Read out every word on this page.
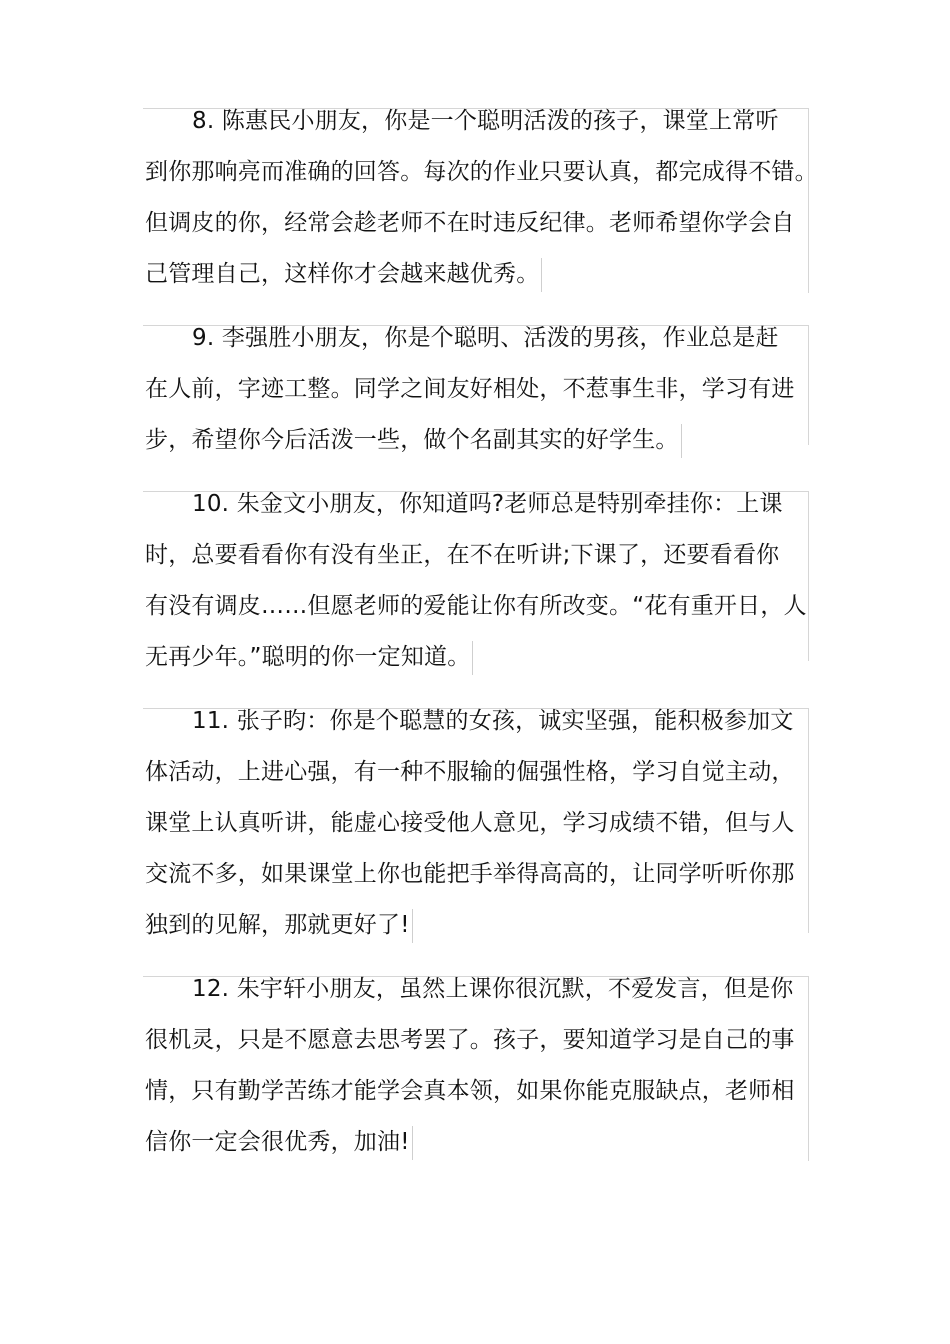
8. 陈惠民小朋友，你是一个聪明活泼的孩子，课堂上常听
到你那响亮而准确的回答。每次的作业只要认真，都完成得不错。
但调皮的你，经常会趁老师不在时违反纪律。老师希望你学会自
己管理自己，这样你才会越来越优秀。
9. 李强胜小朋友，你是个聪明、活泼的男孩，作业总是赶
在人前，字迹工整。同学之间友好相处，不惹事生非，学习有进
步，希望你今后活泼一些，做个名副其实的好学生。
10. 朱金文小朋友，你知道吗?老师总是特别牵挂你：上课
时，总要看看你有没有坐正，在不在听讲;下课了，还要看看你
有没有调皮……但愿老师的爱能让你有所改变。“花有重开日，人
无再少年。”聪明的你一定知道。
11. 张子昀：你是个聪慧的女孩，诚实坚强，能积极参加文
体活动，上进心强，有一种不服输的倔强性格，学习自觉主动，
课堂上认真听讲，能虚心接受他人意见，学习成绩不错，但与人
交流不多，如果课堂上你也能把手举得高高的，让同学听听你那
独到的见解，那就更好了!
12. 朱宇轩小朋友，虽然上课你很沉默，不爱发言，但是你
很机灵，只是不愿意去思考罢了。孩子，要知道学习是自己的事
情，只有勤学苦练才能学会真本领，如果你能克服缺点，老师相
信你一定会很优秀，加油!
